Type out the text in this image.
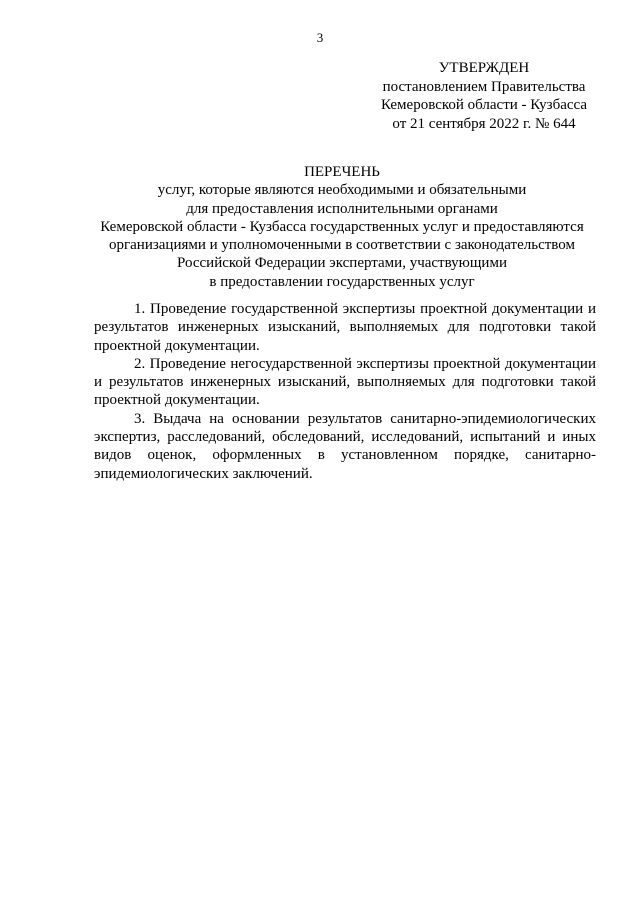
3
УТВЕРЖДЕН
постановлением Правительства
Кемеровской области - Кузбасса
от 21 сентября 2022 г. № 644
ПЕРЕЧЕНЬ
услуг, которые являются необходимыми и обязательными
для предоставления исполнительными органами
Кемеровской области - Кузбасса государственных услуг и предоставляются
организациями и уполномоченными в соответствии с законодательством
Российской Федерации экспертами, участвующими
в предоставлении государственных услуг

1. Проведение государственной экспертизы проектной документации и результатов инженерных изысканий, выполняемых для подготовки такой проектной документации.

2. Проведение негосударственной экспертизы проектной документации и результатов инженерных изысканий, выполняемых для подготовки такой проектной документации.

3. Выдача на основании результатов санитарно-эпидемиологических экспертиз, расследований, обследований, исследований, испытаний и иных видов оценок, оформленных в установленном порядке, санитарно-эпидемиологических заключений.
